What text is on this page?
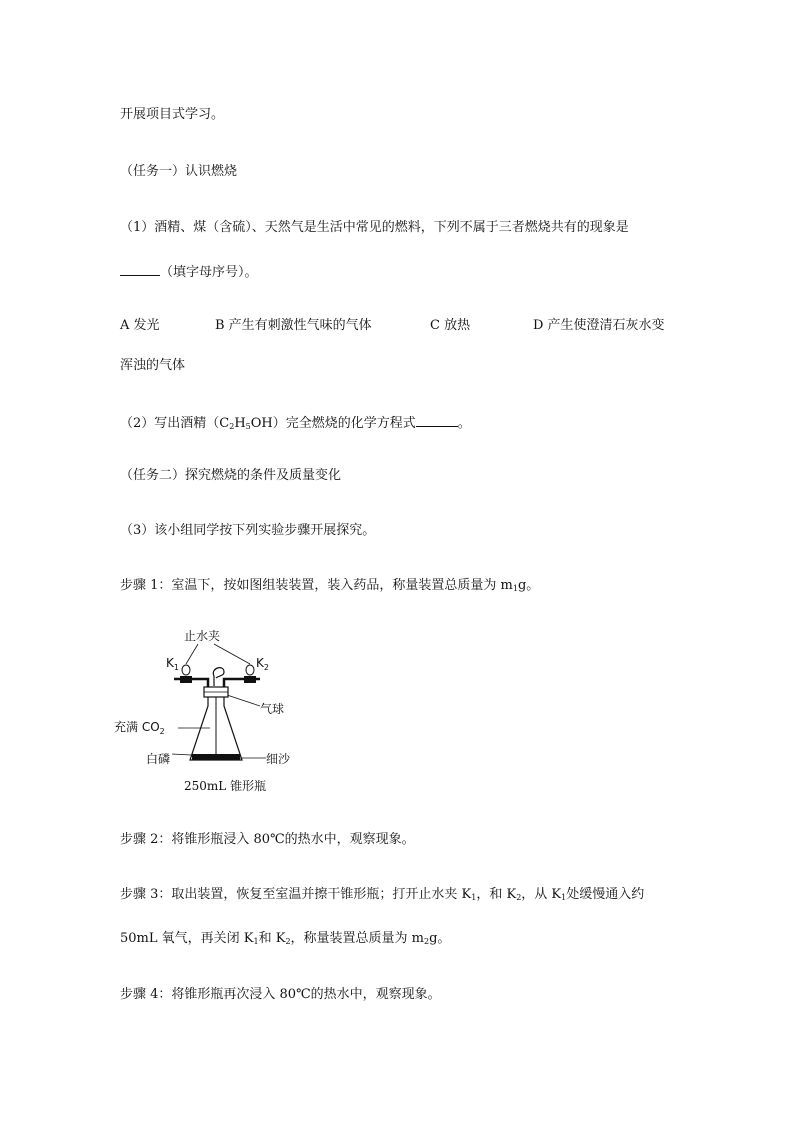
开展项目式学习。
（任务一）认识燃烧
（1）酒精、煤（含硫）、天然气是生活中常见的燃料，下列不属于三者燃烧共有的现象是
（填字母序号）。
A 发光	B 产生有刺激性气味的气体	C 放热	D 产生使澄清石灰水变
浑浊的气体
（2）写出酒精$(C_2H_5OH)$完全燃烧的化学方程式	。
（任务二）探究燃烧的条件及质量变化
（3）该小组同学按下列实验步骤开展探究。
步骤 1：室温下，按如图组装装置，装入药品，称量装置总质量为 $m_1g$。
止水夹
$K_1$	$K_2$
气球
充满 $CO_2$
白磷	细沙
250mL 锥形瓶
步骤 2：将锥形瓶浸入 80℃的热水中，观察现象。
步骤 3：取出装置，恢复至室温并擦干锥形瓶；打开止水夹 $K_1$，和 $K_2$，从 $K_1$处缓慢通入约
50mL 氧气，再关闭 $K_1$和 $K_2$，称量装置总质量为 $m_2g$。
步骤 4：将锥形瓶再次浸入 80℃的热水中，观察现象。
